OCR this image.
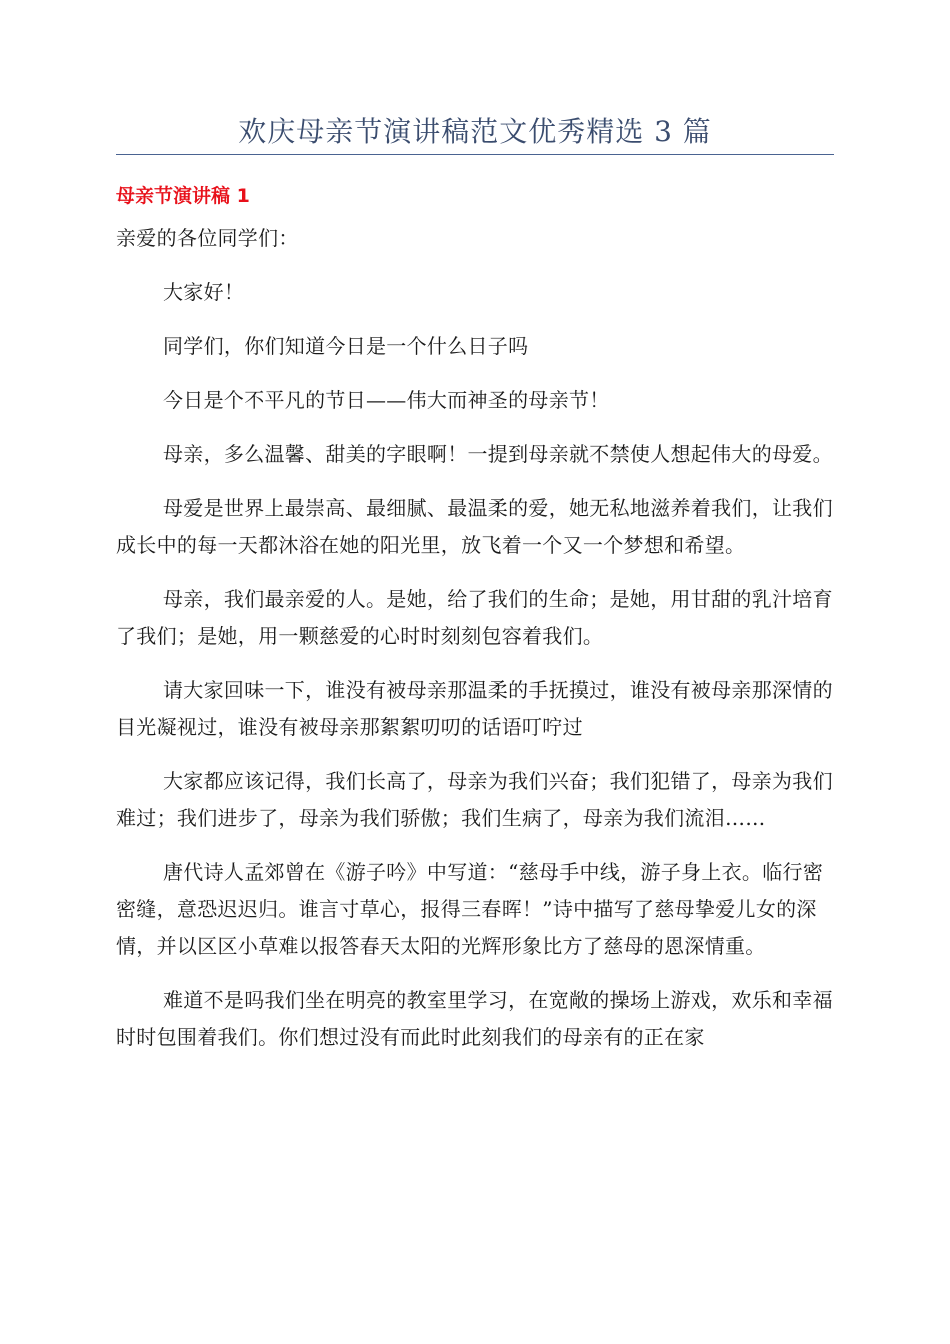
欢庆母亲节演讲稿范文优秀精选 3 篇
母亲节演讲稿 1

亲爱的各位同学们：

大家好！

同学们，你们知道今日是一个什么日子吗

今日是个不平凡的节日——伟大而神圣的母亲节！

母亲，多么温馨、甜美的字眼啊！一提到母亲就不禁使人想起伟大的母爱。

母爱是世界上最崇高、最细腻、最温柔的爱，她无私地滋养着我们，让我们成长中的每一天都沐浴在她的阳光里，放飞着一个又一个梦想和希望。

母亲，我们最亲爱的人。是她，给了我们的生命；是她，用甘甜的乳汁培育了我们；是她，用一颗慈爱的心时时刻刻包容着我们。

请大家回味一下，谁没有被母亲那温柔的手抚摸过，谁没有被母亲那深情的目光凝视过，谁没有被母亲那絮絮叨叨的话语叮咛过

大家都应该记得，我们长高了，母亲为我们兴奋；我们犯错了，母亲为我们难过；我们进步了，母亲为我们骄傲；我们生病了，母亲为我们流泪……

唐代诗人孟郊曾在《游子吟》中写道：“慈母手中线，游子身上衣。临行密密缝，意恐迟迟归。谁言寸草心，报得三春晖！”诗中描写了慈母挚爱儿女的深情，并以区区小草难以报答春天太阳的光辉形象比方了慈母的恩深情重。

难道不是吗我们坐在明亮的教室里学习，在宽敞的操场上游戏，欢乐和幸福时时包围着我们。你们想过没有而此时此刻我们的母亲有的正在家
